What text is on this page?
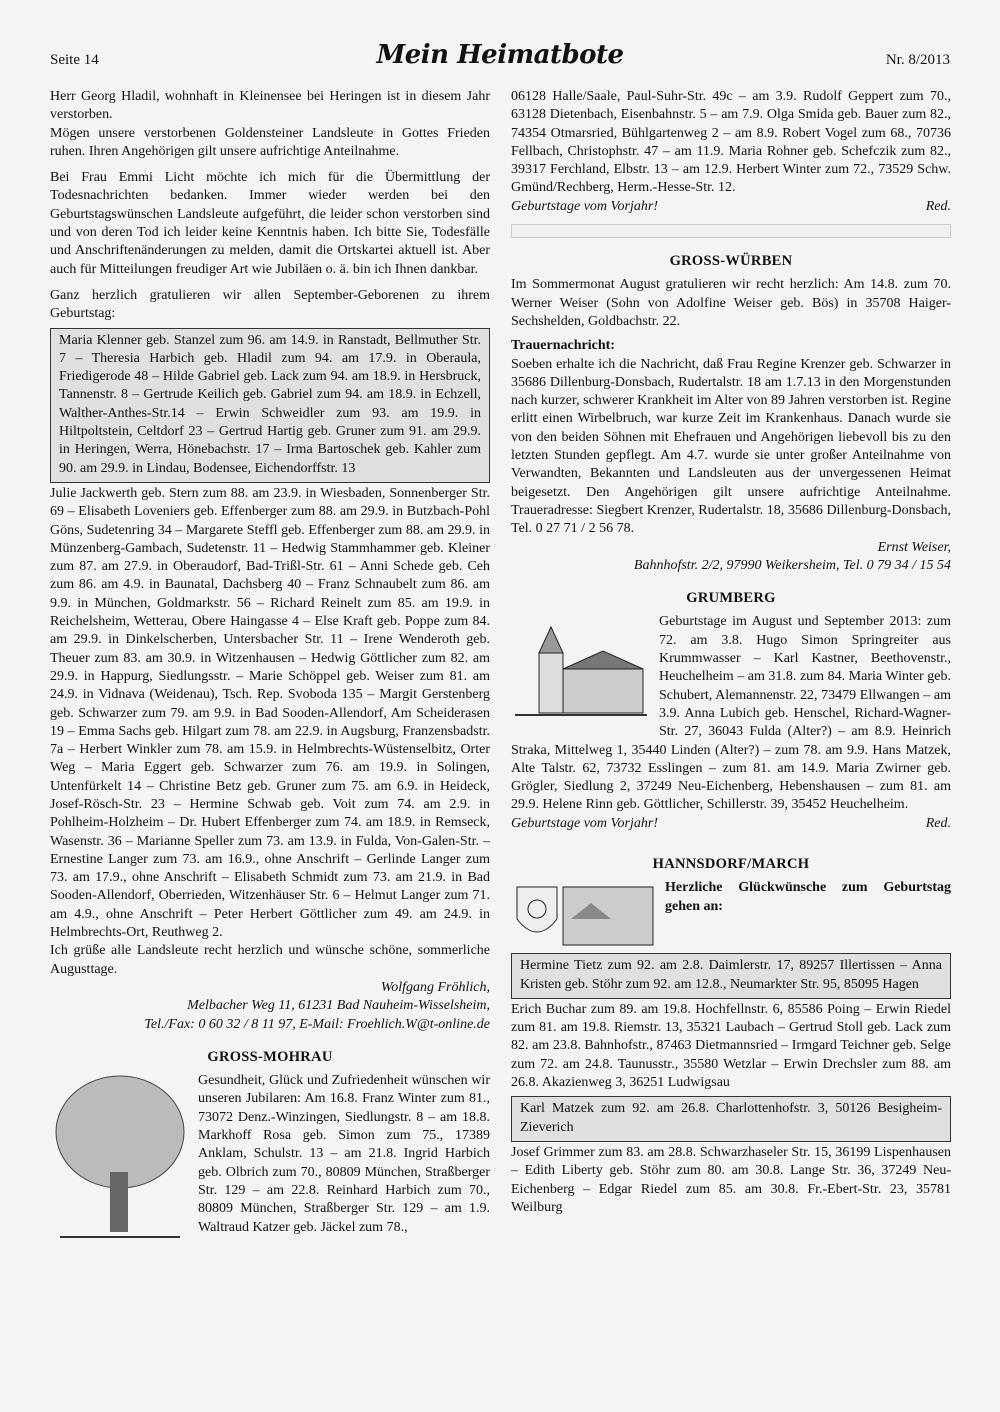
Seite 14	Mein Heimatbote	Nr. 8/2013

Herr Georg Hladil, wohnhaft in Kleinensee bei Heringen ist in diesem Jahr verstorben.

Mögen unsere verstorbenen Goldensteiner Landsleute in Gottes Frieden ruhen. Ihren Angehörigen gilt unsere aufrichtige Anteilnahme.

Bei Frau Emmi Licht möchte ich mich für die Übermittlung der Todesnachrichten bedanken. Immer wieder werden bei den Geburtstagswünschen Landsleute aufgeführt, die leider schon verstorben sind und von deren Tod ich leider keine Kenntnis haben. Ich bitte Sie, Todesfälle und Anschriftenänderungen zu melden, damit die Ortskartei aktuell ist. Aber auch für Mitteilungen freudiger Art wie Jubiläen o. ä. bin ich Ihnen dankbar.

Ganz herzlich gratulieren wir allen September-Geborenen zu ihrem Geburtstag:

Maria Klenner geb. Stanzel zum 96. am 14.9. in Ranstadt, Bellmuther Str. 7 – Theresia Harbich geb. Hladil zum 94. am 17.9. in Oberaula, Friedigerode 48 – Hilde Gabriel geb. Lack zum 94. am 18.9. in Hersbruck, Tannenstr. 8 – Gertrude Keilich geb. Gabriel zum 94. am 18.9. in Echzell, Walther-Anthes-Str.14 – Erwin Schweidler zum 93. am 19.9. in Hiltpoltstein, Celtdorf 23 – Gertrud Hartig geb. Gruner zum 91. am 29.9. in Heringen, Werra, Hönebachstr. 17 – Irma Bartoschek geb. Kahler zum 90. am 29.9. in Lindau, Bodensee, Eichendorffstr. 13

Julie Jackwerth geb. Stern zum 88. am 23.9. in Wiesbaden, Sonnenberger Str. 69 – Elisabeth Loveniers geb. Effenberger zum 88. am 29.9. in Butzbach-Pohl Göns, Sudetenring 34 – Margarete Steffl geb. Effenberger zum 88. am 29.9. in Münzenberg-Gambach, Sudetenstr. 11 – Hedwig Stammhammer geb. Kleiner zum 87. am 27.9. in Oberaudorf, Bad-Trißl-Str. 61 – Anni Schede geb. Ceh zum 86. am 4.9. in Baunatal, Dachsberg 40 – Franz Schnaubelt zum 86. am 9.9. in München, Goldmarkstr. 56 – Richard Reinelt zum 85. am 19.9. in Reichelsheim, Wetterau, Obere Haingasse 4 – Else Kraft geb. Poppe zum 84. am 29.9. in Dinkelscherben, Untersbacher Str. 11 – Irene Wenderoth geb. Theuer zum 83. am 30.9. in Witzenhausen – Hedwig Göttlicher zum 82. am 29.9. in Happurg, Siedlungsstr. – Marie Schöppel geb. Weiser zum 81. am 24.9. in Vidnava (Weidenau), Tsch. Rep. Svoboda 135 – Margit Gerstenberg geb. Schwarzer zum 79. am 9.9. in Bad Sooden-Allendorf, Am Scheiderasen 19 – Emma Sachs geb. Hilgart zum 78. am 22.9. in Augsburg, Franzensbadstr. 7a – Herbert Winkler zum 78. am 15.9. in Helmbrechts-Wüstenselbitz, Orter Weg – Maria Eggert geb. Schwarzer zum 76. am 19.9. in Solingen, Untenfürkelt 14 – Christine Betz geb. Gruner zum 75. am 6.9. in Heideck, Josef-Rösch-Str. 23 – Hermine Schwab geb. Voit zum 74. am 2.9. in Pohlheim-Holzheim – Dr. Hubert Effenberger zum 74. am 18.9. in Remseck, Wasenstr. 36 – Marianne Speller zum 73. am 13.9. in Fulda, Von-Galen-Str. – Ernestine Langer zum 73. am 16.9., ohne Anschrift – Gerlinde Langer zum 73. am 17.9., ohne Anschrift – Elisabeth Schmidt zum 73. am 21.9. in Bad Sooden-Allendorf, Oberrieden, Witzenhäuser Str. 6 – Helmut Langer zum 71. am 4.9., ohne Anschrift – Peter Herbert Göttlicher zum 49. am 24.9. in Helmbrechts-Ort, Reuthweg 2.

Ich grüße alle Landsleute recht herzlich und wünsche schöne, sommerliche Augusttage.

Wolfgang Fröhlich,
Melbacher Weg 11, 61231 Bad Nauheim-Wisselsheim,
Tel./Fax: 0 60 32 / 8 11 97, E-Mail: Froehlich.W@t-online.de
GROSS-MOHRAU

Gesundheit, Glück und Zufriedenheit wünschen wir unseren Jubilaren: Am 16.8. Franz Winter zum 81., 73072 Denz.-Winzingen, Siedlungstr. 8 – am 18.8. Markhoff Rosa geb. Simon zum 75., 17389 Anklam, Schulstr. 13 – am 21.8. Ingrid Harbich geb. Olbrich zum 70., 80809 München, Straßberger Str. 129 – am 22.8. Reinhard Harbich zum 70., 80809 München, Straßberger Str. 129 – am 1.9. Waltraud Katzer geb. Jäckel zum 78.,

06128 Halle/Saale, Paul-Suhr-Str. 49c – am 3.9. Rudolf Geppert zum 70., 63128 Dietenbach, Eisenbahnstr. 5 – am 7.9. Olga Smida geb. Bauer zum 82., 74354 Otmarsried, Bühlgartenweg 2 – am 8.9. Robert Vogel zum 68., 70736 Fellbach, Christophstr. 47 – am 11.9. Maria Rohner geb. Schefczik zum 82., 39317 Ferchland, Elbstr. 13 – am 12.9. Herbert Winter zum 72., 73529 Schw. Gmünd/Rechberg, Herm.-Hesse-Str. 12.

Geburtstage vom Vorjahr!	Red.
GROSS-WÜRBEN

Im Sommermonat August gratulieren wir recht herzlich: Am 14.8. zum 70. Werner Weiser (Sohn von Adolfine Weiser geb. Bös) in 35708 Haiger-Sechshelden, Goldbachstr. 22.

Trauernachricht:

Soeben erhalte ich die Nachricht, daß Frau Regine Krenzer geb. Schwarzer in 35686 Dillenburg-Donsbach, Rudertalstr. 18 am 1.7.13 in den Morgenstunden nach kurzer, schwerer Krankheit im Alter von 89 Jahren verstorben ist. Regine erlitt einen Wirbelbruch, war kurze Zeit im Krankenhaus. Danach wurde sie von den beiden Söhnen mit Ehefrauen und Angehörigen liebevoll bis zu den letzten Stunden gepflegt. Am 4.7. wurde sie unter großer Anteilnahme von Verwandten, Bekannten und Landsleuten aus der unvergessenen Heimat beigesetzt. Den Angehörigen gilt unsere aufrichtige Anteilnahme. Traueradresse: Siegbert Krenzer, Rudertalstr. 18, 35686 Dillenburg-Donsbach, Tel. 0 27 71 / 2 56 78.

Ernst Weiser,
Bahnhofstr. 2/2, 97990 Weikersheim, Tel. 0 79 34 / 15 54
GRUMBERG

Geburtstage im August und September 2013: zum 72. am 3.8. Hugo Simon Springreiter aus Krummwasser – Karl Kastner, Beethovenstr., Heuchelheim – am 31.8. zum 84. Maria Winter geb. Schubert, Alemannenstr. 22, 73479 Ellwangen – am 3.9. Anna Lubich geb. Henschel, Richard-Wagner-Str. 27, 36043 Fulda (Alter?) – am 8.9. Heinrich Straka, Mittelweg 1, 35440 Linden (Alter?) – zum 78. am 9.9. Hans Matzek, Alte Talstr. 62, 73732 Esslingen – zum 81. am 14.9. Maria Zwirner geb. Grögler, Siedlung 2, 37249 Neu-Eichenberg, Hebenshausen – zum 81. am 29.9. Helene Rinn geb. Göttlicher, Schillerstr. 39, 35452 Heuchelheim.

Geburtstage vom Vorjahr!	Red.
HANNSDORF/MARCH
Herzliche Glückwünsche zum Geburtstag gehen an:
Hermine Tietz zum 92. am 2.8. Daimlerstr. 17, 89257 Illertissen – Anna Kristen geb. Stöhr zum 92. am 12.8., Neumarkter Str. 95, 85095 Hagen

Erich Buchar zum 89. am 19.8. Hochfellnstr. 6, 85586 Poing – Erwin Riedel zum 81. am 19.8. Riemstr. 13, 35321 Laubach – Gertrud Stoll geb. Lack zum 82. am 23.8. Bahnhofstr., 87463 Dietmannsried – Irmgard Teichner geb. Selge zum 72. am 24.8. Taunusstr., 35580 Wetzlar – Erwin Drechsler zum 88. am 26.8. Akazienweg 3, 36251 Ludwigsau

Karl Matzek zum 92. am 26.8. Charlottenhofstr. 3, 50126 Besigheim-Zieverich

Josef Grimmer zum 83. am 28.8. Schwarzhaseler Str. 15, 36199 Lispenhausen – Edith Liberty geb. Stöhr zum 80. am 30.8. Lange Str. 36, 37249 Neu-Eichenberg – Edgar Riedel zum 85. am 30.8. Fr.-Ebert-Str. 23, 35781 Weilburg
